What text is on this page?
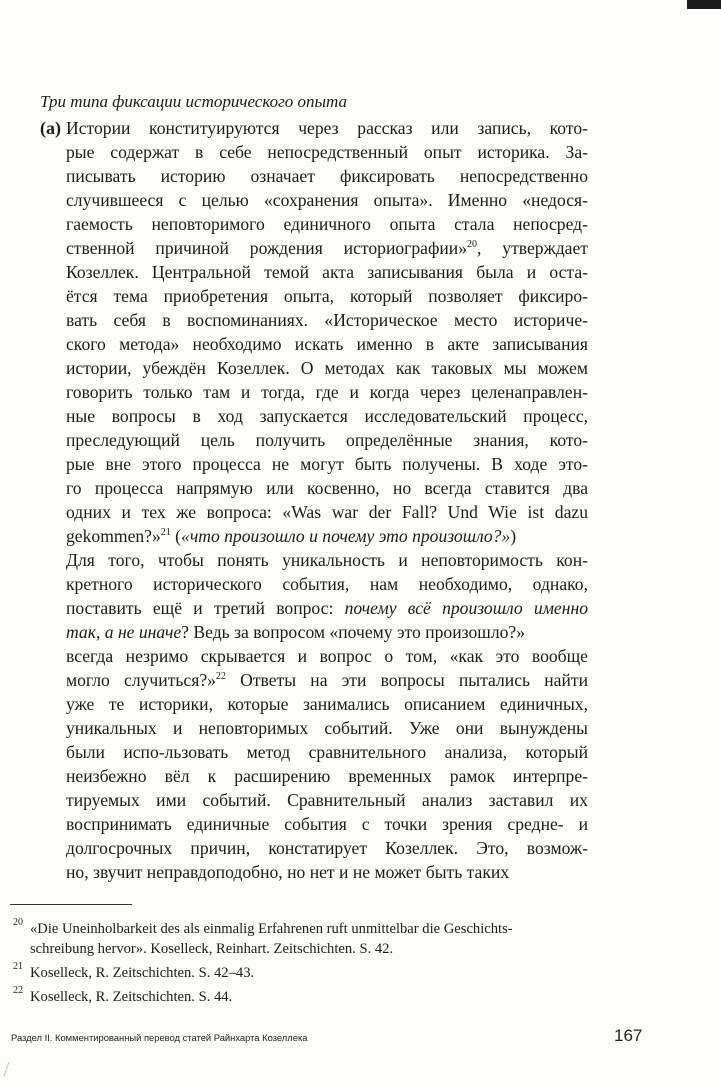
Три типа фиксации исторического опыта
(a) Истории конституируются через рассказ или запись, кото-
рые содержат в себе непосредственный опыт историка. За-
писывать историю означает фиксировать непосредственно
случившееся с целью «сохранения опыта». Именно «недося-
гаемость неповторимого единичного опыта стала непосред-
ственной причиной рождения историографии»$^{20}$, утверждает
Козеллек. Центральной темой акта записывания была и оста-
ётся тема приобретения опыта, который позволяет фиксиро-
вать себя в воспоминаниях. «Историческое место историче-
ского метода» необходимо искать именно в акте записывания
истории, убеждён Козеллек. О методах как таковых мы можем
говорить только там и тогда, где и когда через целенаправлен-
ные вопросы в ход запускается исследовательский процесс,
преследующий цель получить определённые знания, кото-
рые вне этого процесса не могут быть получены. В ходе это-
го процесса напрямую или косвенно, но всегда ставится два
одних и тех же вопроса: «Was war der Fall? Und Wie ist dazu
gekommen?»$^{21}$ («что произошло и почему это произошло?»)
Для того, чтобы понять уникальность и неповторимость кон-
кретного исторического события, нам необходимо, однако,
поставить ещё и третий вопрос: почему всё произошло именно
так, а не иначе? Ведь за вопросом «почему это произошло?»
всегда незримо скрывается и вопрос о том, «как это вообще
могло случиться?»$^{22}$ Ответы на эти вопросы пытались найти
уже те историки, которые занимались описанием единичных,
уникальных и неповторимых событий. Уже они вынуждены
были испо-льзовать метод сравнительного анализа, который
неизбежно вёл к расширению временных рамок интерпре-
тируемых ими событий. Сравнительный анализ заставил их
воспринимать единичные события с точки зрения средне- и
долгосрочных причин, констатирует Козеллек. Это, возмож-
но, звучит неправдоподобно, но нет и не может быть таких
20 «Die Uneinholbarkeit des als einmalig Erfahrenen ruft unmittelbar die Geschichts-
schreibung hervor». Koselleck, Reinhart. Zeitschichten. S. 42.
21 Koselleck, R. Zeitschichten. S. 42–43.
22 Koselleck, R. Zeitschichten. S. 44.
Раздел II. Комментированный перевод статей Райнхарта Козеллека	167
